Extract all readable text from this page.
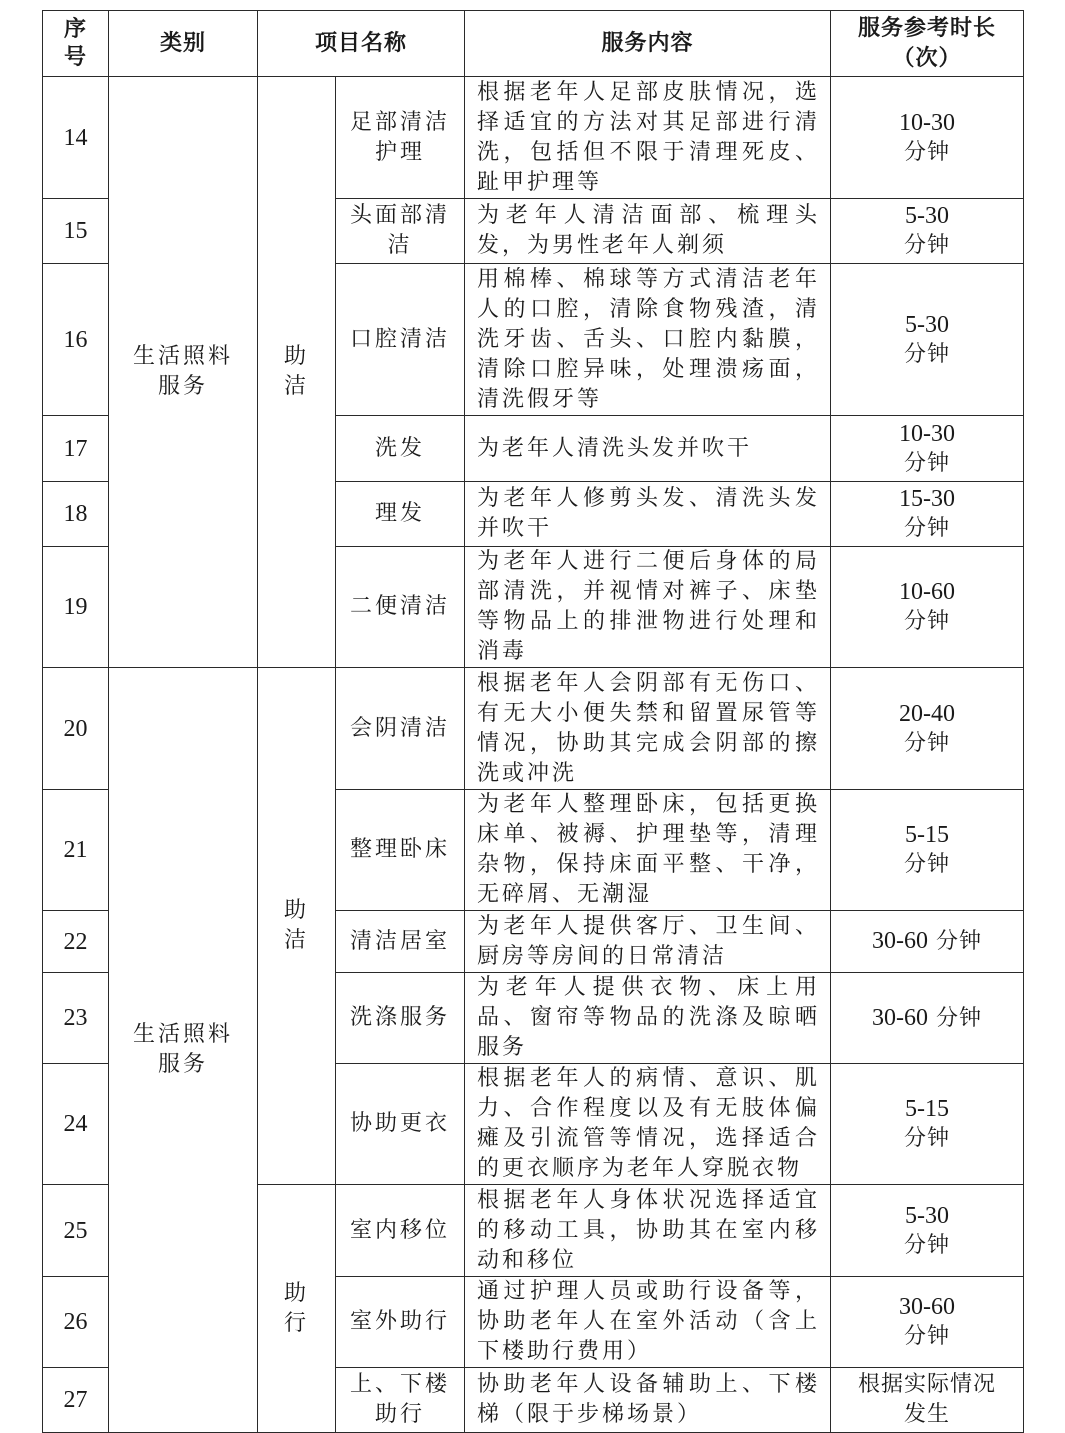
序号	类别	项目名称		服务内容	服务参考时长
（次）

14	生活照料服务	助洁	足部清洁护理	根据老年人足部皮肤情况，选择适宜的方法对其足部进行清洗，包括但不限于清理死皮、趾甲护理等	10-30
分钟

15			头面部清洁	为老年人清洁面部、梳理头发，为男性老年人剃须	5-30
分钟

16			口腔清洁	用棉棒、棉球等方式清洁老年人的口腔，清除食物残渣，清洗牙齿、舌头、口腔内黏膜，清除口腔异味，处理溃疡面，清洗假牙等	5-30
分钟

17			洗发	为老年人清洗头发并吹干	10-30
分钟

18			理发	为老年人修剪头发、清洗头发并吹干	15-30
分钟

19			二便清洁	为老年人进行二便后身体的局部清洗，并视情对裤子、床垫等物品上的排泄物进行处理和消毒	10-60
分钟

20	生活照料服务	助洁	会阴清洁	根据老年人会阴部有无伤口、有无大小便失禁和留置尿管等情况，协助其完成会阴部的擦洗或冲洗	20-40
分钟

21			整理卧床	为老年人整理卧床，包括更换床单、被褥、护理垫等，清理杂物，保持床面平整、干净，无碎屑、无潮湿	5-15
分钟

22			清洁居室	为老年人提供客厅、卫生间、厨房等房间的日常清洁	30-60 分钟
23			洗涤服务	为老年人提供衣物、床上用品、窗帘等物品的洗涤及晾晒服务	30-60 分钟
24			协助更衣	根据老年人的病情、意识、肌力、合作程度以及有无肢体偏瘫及引流管等情况，选择适合的更衣顺序为老年人穿脱衣物	5-15
分钟

25		助行	室内移位	根据老年人身体状况选择适宜的移动工具，协助其在室内移动和移位	5-30
分钟

26			室外助行	通过护理人员或助行设备等，协助老年人在室外活动（含上下楼助行费用）	30-60
分钟

27			上、下楼助行	协助老年人设备辅助上、下楼梯（限于步梯场景）	根据实际情况发生
